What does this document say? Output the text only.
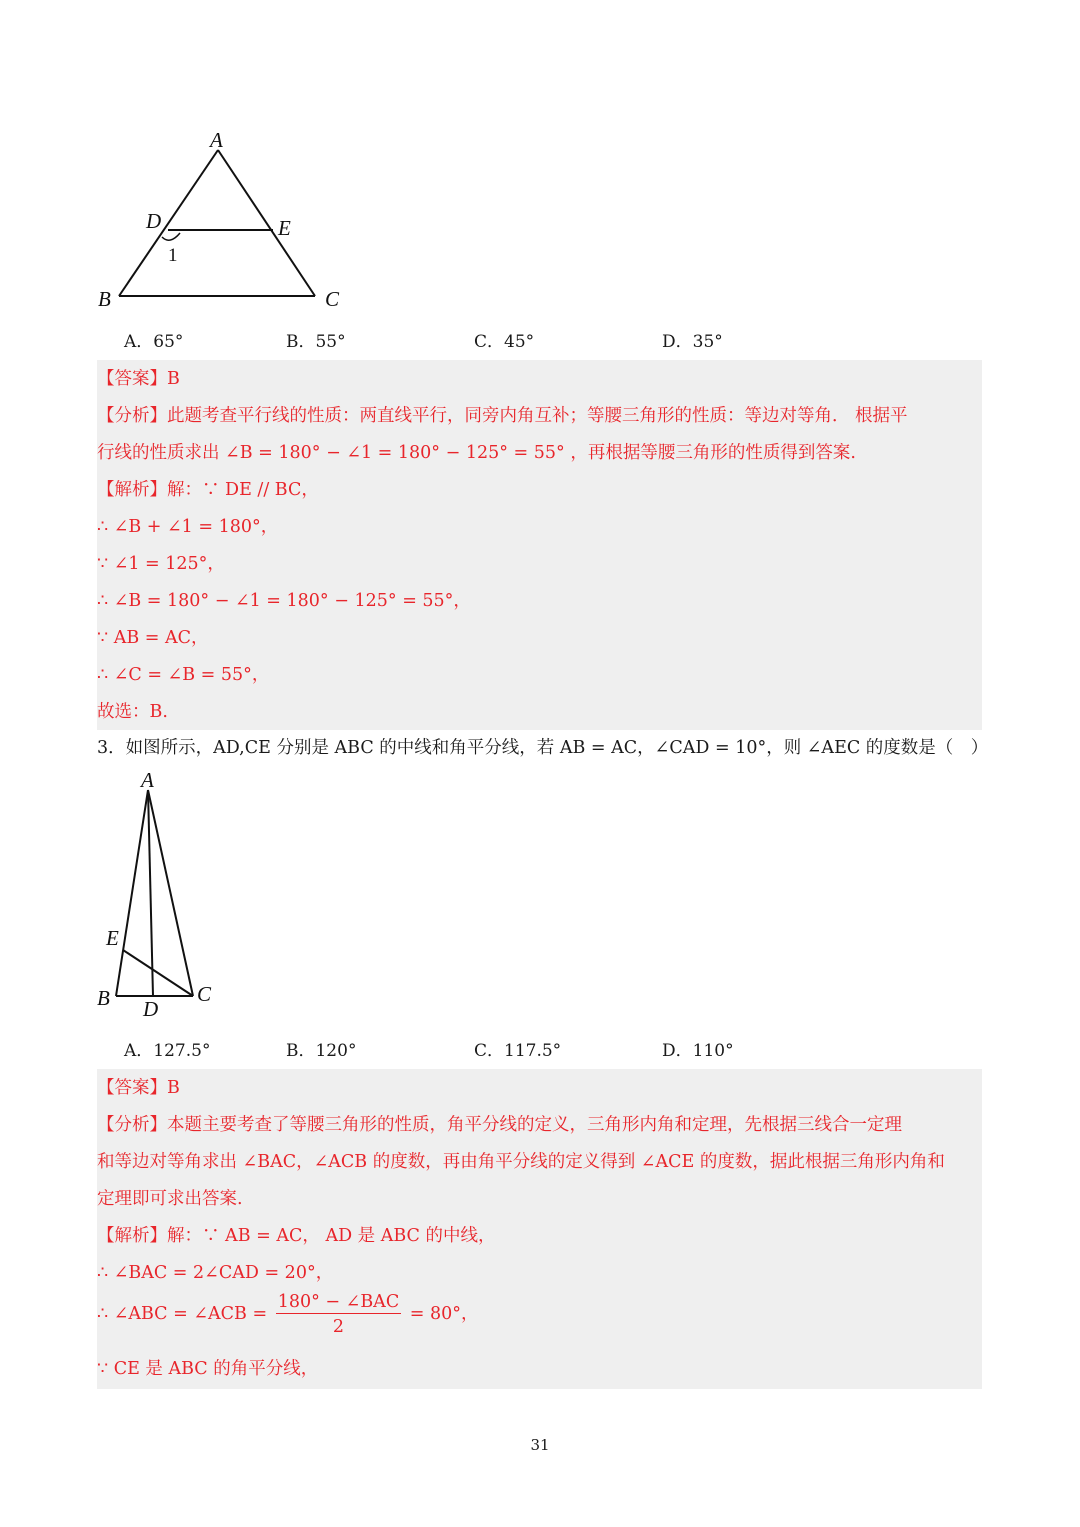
A
B	C
D	E
1
A．65°	B．55°	C．45°	D．35°
【答案】B
【分析】此题考查平行线的性质：两直线平行，同旁内角互补；等腰三角形的性质：等边对等角． 根据平
行线的性质求出 ∠B = 180° − ∠1 = 180° − 125° = 55° ，再根据等腰三角形的性质得到答案.
【解析】解：∵ DE // BC，
∴ ∠B + ∠1 = 180°，
∵ ∠1 = 125°，
∴ ∠B = 180° − ∠1 = 180° − 125° = 55°，
∵ AB = AC，
∴ ∠C = ∠B = 55°，
故选：B.
3．如图所示，AD,CE 分别是 ABC 的中线和角平分线，若 AB = AC，∠CAD = 10°，则 ∠AEC 的度数是（　）
A
B	C
D
E
A．127.5°	B．120°	C．117.5°	D．110°
【答案】B
【分析】本题主要考查了等腰三角形的性质，角平分线的定义，三角形内角和定理，先根据三线合一定理
和等边对等角求出 ∠BAC，∠ACB 的度数，再由角平分线的定义得到 ∠ACE 的度数，据此根据三角形内角和
定理即可求出答案.
【解析】解：∵ AB = AC， AD 是 ABC 的中线，
∴ ∠BAC = 2∠CAD = 20°，
∴ ∠ABC = ∠ACB = $\frac{\text{180° − ∠BAC}}{2} = 80^\circ$，
∵ CE 是 ABC 的角平分线，
31
